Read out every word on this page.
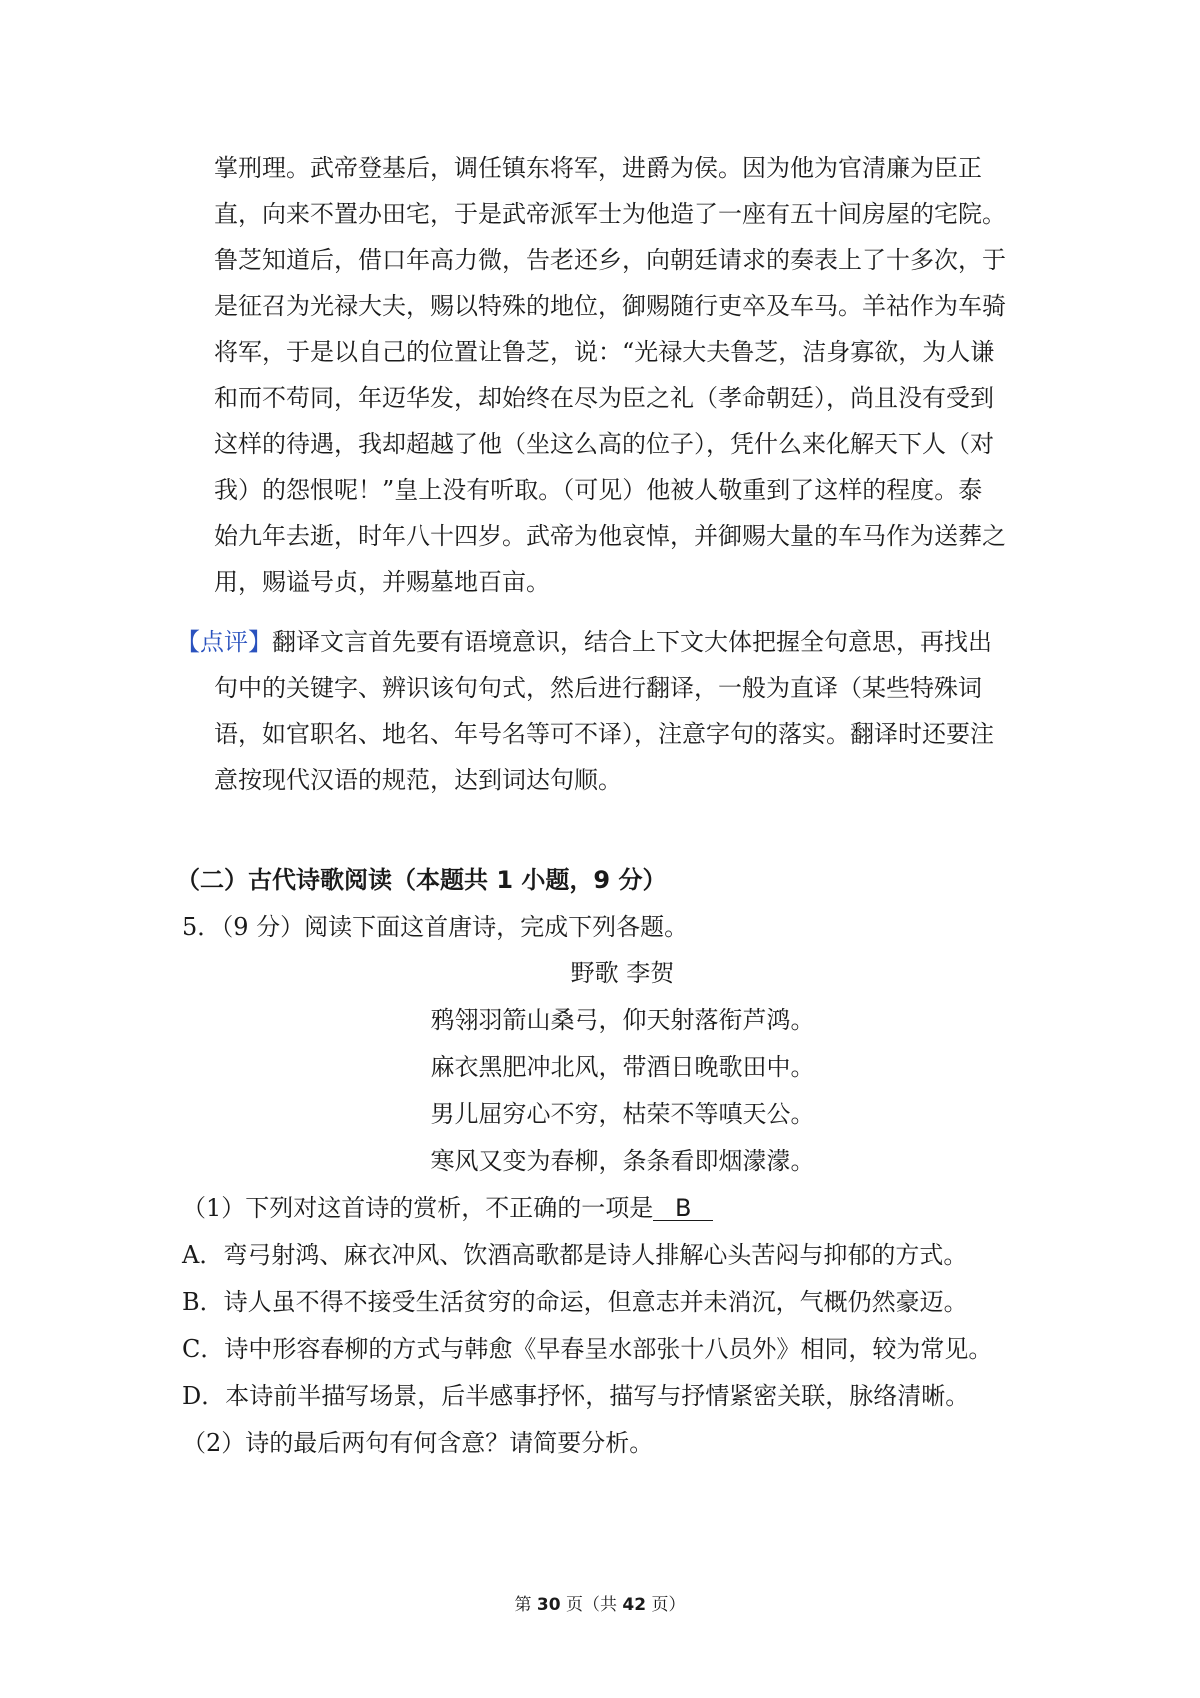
掌刑理。武帝登基后，调任镇东将军，进爵为侯。因为他为官清廉为臣正
直，向来不置办田宅，于是武帝派军士为他造了一座有五十间房屋的宅院。
鲁芝知道后，借口年高力微，告老还乡，向朝廷请求的奏表上了十多次，于
是征召为光禄大夫，赐以特殊的地位，御赐随行吏卒及车马。羊祜作为车骑
将军，于是以自己的位置让鲁芝，说：“光禄大夫鲁芝，洁身寡欲，为人谦
和而不苟同，年迈华发，却始终在尽为臣之礼（孝命朝廷），尚且没有受到
这样的待遇，我却超越了他（坐这么高的位子），凭什么来化解天下人（对
我）的怨恨呢！”皇上没有听取。（可见）他被人敬重到了这样的程度。泰
始九年去逝，时年八十四岁。武帝为他哀悼，并御赐大量的车马作为送葬之
用，赐谥号贞，并赐墓地百亩。
【点评】翻译文言首先要有语境意识，结合上下文大体把握全句意思，再找出
句中的关键字、辨识该句句式，然后进行翻译，一般为直译（某些特殊词
语，如官职名、地名、年号名等可不译），注意字句的落实。翻译时还要注
意按现代汉语的规范，达到词达句顺。
（二）古代诗歌阅读（本题共 1 小题，9 分）
5．（9 分）阅读下面这首唐诗，完成下列各题。
野歌 李贺
鸦翎羽箭山桑弓，仰天射落衔芦鸿。
麻衣黑肥冲北风，带酒日晚歌田中。
男儿屈穷心不穷，枯荣不等嗔天公。
寒风又变为春柳，条条看即烟濛濛。
（1）下列对这首诗的赏析，不正确的一项是 B
A．弯弓射鸿、麻衣冲风、饮酒高歌都是诗人排解心头苦闷与抑郁的方式。
B．诗人虽不得不接受生活贫穷的命运，但意志并未消沉，气概仍然豪迈。
C．诗中形容春柳的方式与韩愈《早春呈水部张十八员外》相同，较为常见。
D．本诗前半描写场景，后半感事抒怀，描写与抒情紧密关联，脉络清晰。
（2）诗的最后两句有何含意？请简要分析。
第 30 页（共 42 页）
